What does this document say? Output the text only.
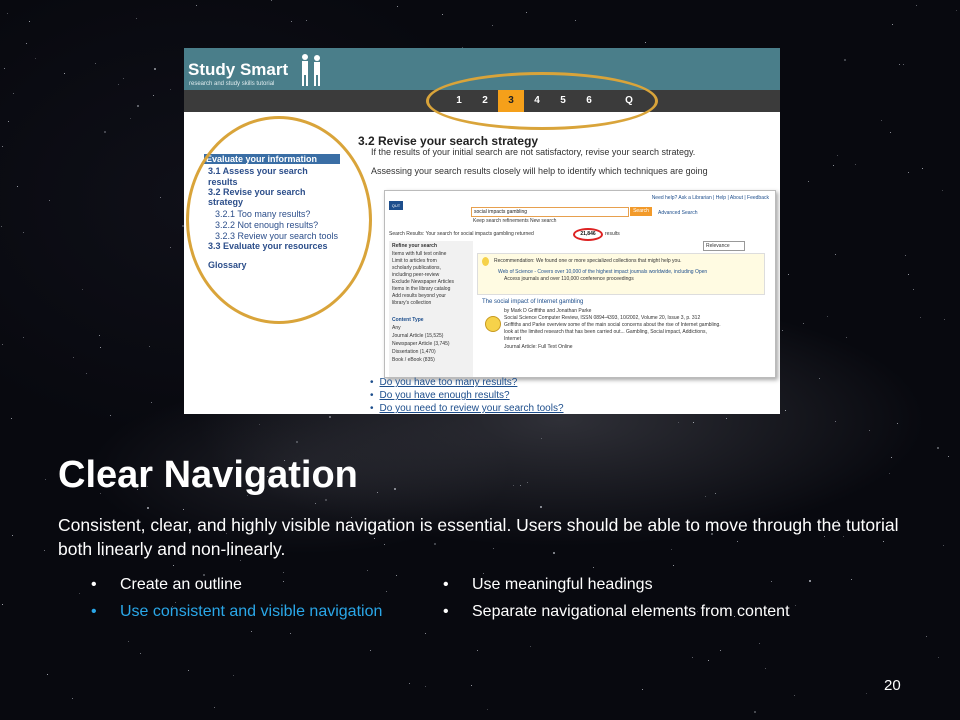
Study Smart
research and study skills tutorial
1	2	3	4	5	6	Q
Evaluate your information
3.1 Assess your search
results
3.2 Revise your search
strategy
3.2.1 Too many results?
3.2.2 Not enough results?
3.2.3 Review your search tools
3.3 Evaluate your resources
Glossary
3.2 Revise your search strategy
If the results of your initial search are not satisfactory, revise your search strategy.
Assessing your search results closely will help to identify which techniques are going
QUT
Need help? Ask a Librarian | Help | About | Feedback
social impacts gambling	Search	Advanced Search
Keep search refinements New search
Search Results: Your search for social impacts gambling returned	21,846	results
Refine your search
Items with full text online
Limit to articles from
scholarly publications,
including peer-review
Exclude Newspaper Articles
Items in the library catalog
Add results beyond your
library's collection
Content Type
Any
Journal Article (15,525)
Newspaper Article (3,745)
Dissertation (1,470)
Book / eBook (835)
Relevance
Recommendation: We found one or more specialized collections that might help you.
Web of Science - Covers over 10,000 of the highest impact journals worldwide, including Open
Access journals and over 110,000 conference proceedings
The social impact of Internet gambling
by Mark D Griffiths and Jonathan Parke
Social Science Computer Review, ISSN 0894-4393, 10/2002, Volume 20, Issue 3, p. 312
Griffiths and Parke overview some of the main social concerns about the rise of Internet gambling.
look at the limited research that has been carried out... Gambling, Social impact, Addictions,
Internet
Journal Article: Full Text Online
• Do you have too many results?
• Do you have enough results?
• Do you need to review your search tools?
Clear Navigation
Consistent, clear, and highly visible navigation is essential. Users should be able to move through the tutorial both linearly and non-linearly.
• Create an outline
• Use consistent and visible navigation
• Use meaningful headings
• Separate navigational elements from content
20
